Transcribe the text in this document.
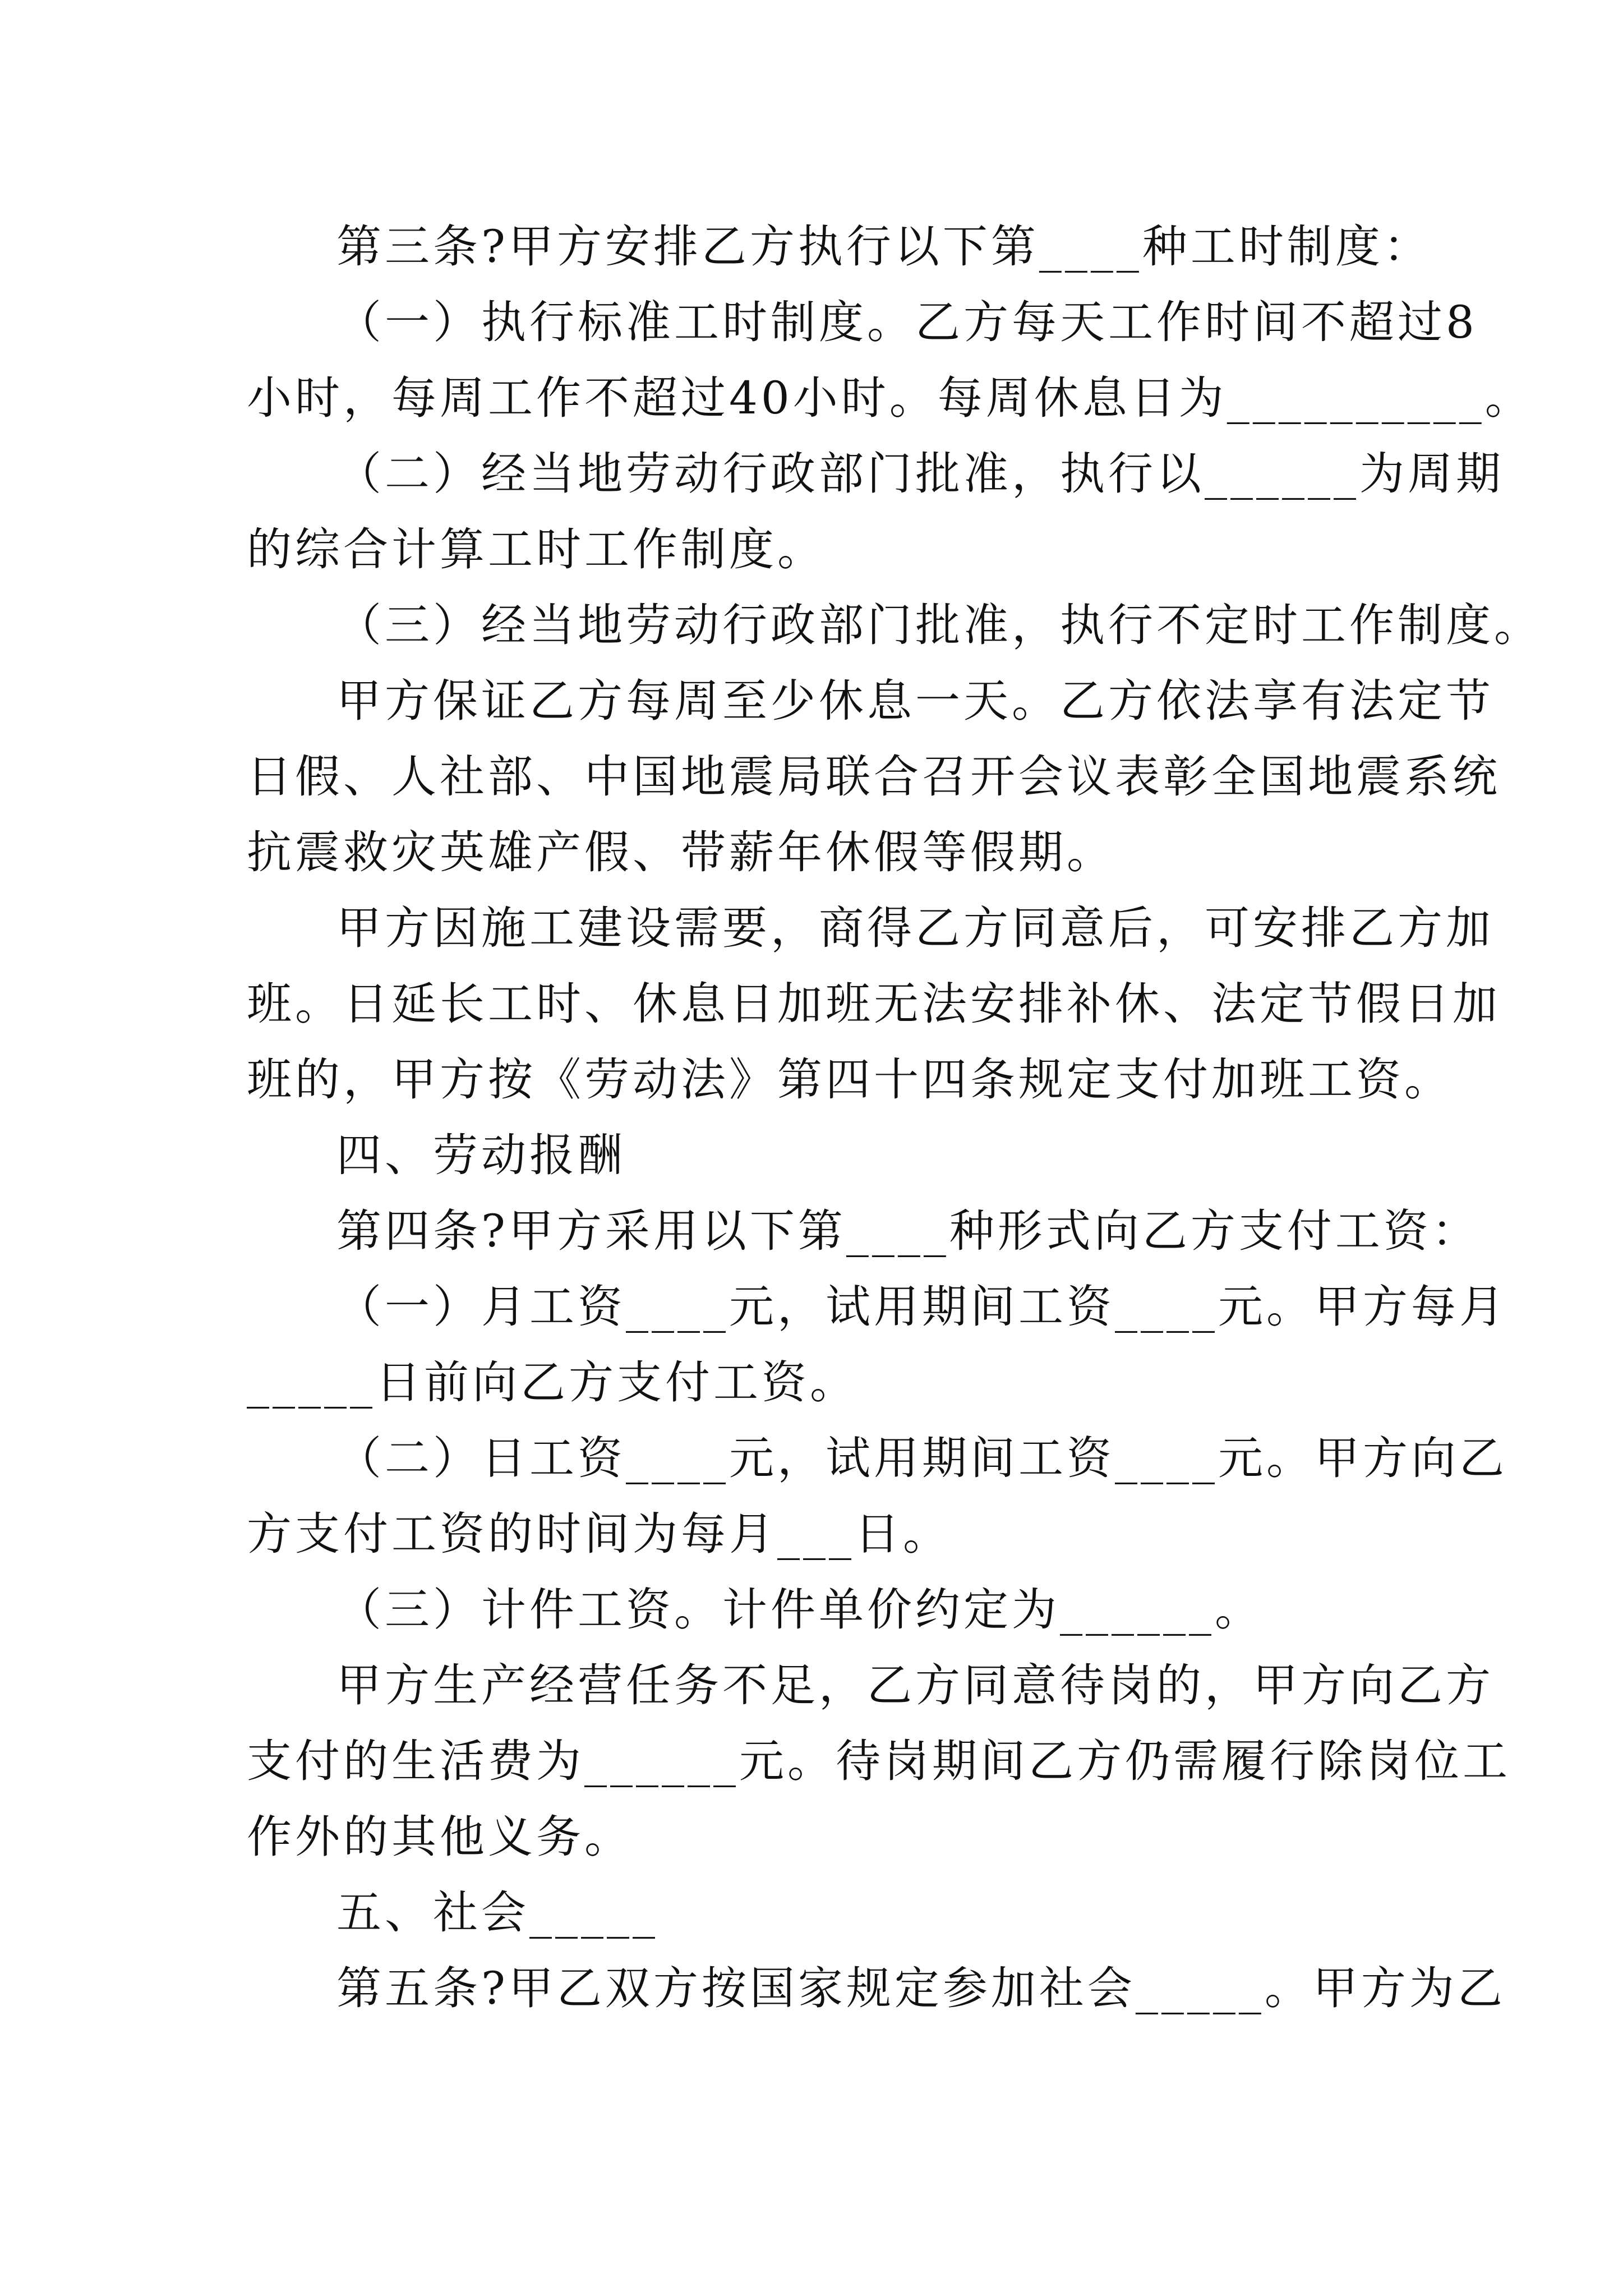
第三条?甲方安排乙方执行以下第____种工时制度：
（一）执行标准工时制度。乙方每天工作时间不超过8
小时，每周工作不超过40小时。每周休息日为__________。
（二）经当地劳动行政部门批准，执行以______为周期
的综合计算工时工作制度。
（三）经当地劳动行政部门批准，执行不定时工作制度。
甲方保证乙方每周至少休息一天。乙方依法享有法定节
日假、人社部、中国地震局联合召开会议表彰全国地震系统
抗震救灾英雄产假、带薪年休假等假期。
甲方因施工建设需要，商得乙方同意后，可安排乙方加
班。日延长工时、休息日加班无法安排补休、法定节假日加
班的，甲方按《劳动法》第四十四条规定支付加班工资。
四、劳动报酬
第四条?甲方采用以下第____种形式向乙方支付工资：
（一）月工资____元，试用期间工资____元。甲方每月
_____日前向乙方支付工资。
（二）日工资____元，试用期间工资____元。甲方向乙
方支付工资的时间为每月___日。
（三）计件工资。计件单价约定为______。
甲方生产经营任务不足，乙方同意待岗的，甲方向乙方
支付的生活费为______元。待岗期间乙方仍需履行除岗位工
作外的其他义务。
五、社会_____
第五条?甲乙双方按国家规定参加社会_____。甲方为乙
